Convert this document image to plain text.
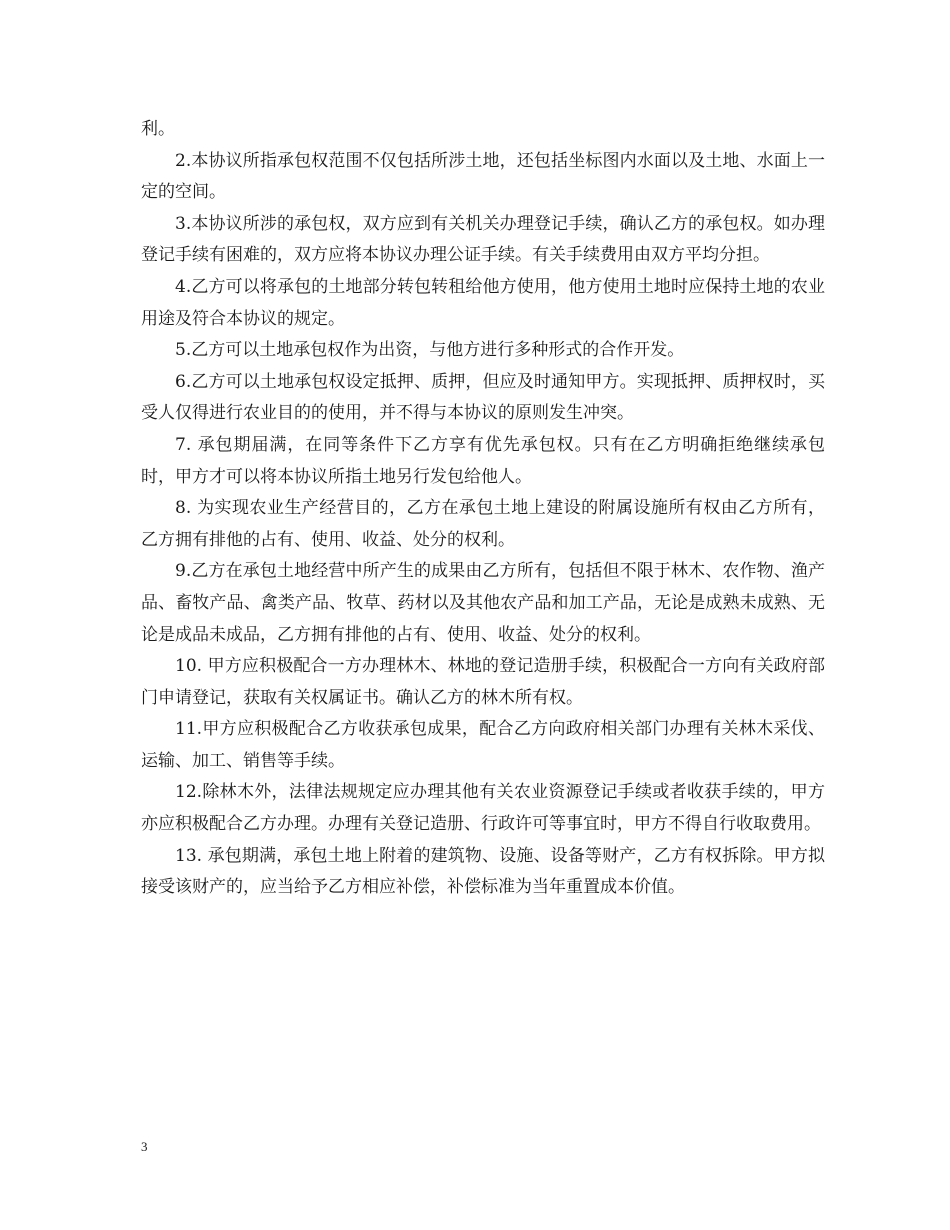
利。

2.本协议所指承包权范围不仅包括所涉土地，还包括坐标图内水面以及土地、水面上一定的空间。

3.本协议所涉的承包权，双方应到有关机关办理登记手续，确认乙方的承包权。如办理登记手续有困难的，双方应将本协议办理公证手续。有关手续费用由双方平均分担。

4.乙方可以将承包的土地部分转包转租给他方使用，他方使用土地时应保持土地的农业用途及符合本协议的规定。

5.乙方可以土地承包权作为出资，与他方进行多种形式的合作开发。

6.乙方可以土地承包权设定抵押、质押，但应及时通知甲方。实现抵押、质押权时，买受人仅得进行农业目的的使用，并不得与本协议的原则发生冲突。

7. 承包期届满，在同等条件下乙方享有优先承包权。只有在乙方明确拒绝继续承包时，甲方才可以将本协议所指土地另行发包给他人。

8. 为实现农业生产经营目的，乙方在承包土地上建设的附属设施所有权由乙方所有，乙方拥有排他的占有、使用、收益、处分的权利。

9.乙方在承包土地经营中所产生的成果由乙方所有，包括但不限于林木、农作物、渔产品、畜牧产品、禽类产品、牧草、药材以及其他农产品和加工产品，无论是成熟未成熟、无论是成品未成品，乙方拥有排他的占有、使用、收益、处分的权利。

10. 甲方应积极配合一方办理林木、林地的登记造册手续，积极配合一方向有关政府部门申请登记，获取有关权属证书。确认乙方的林木所有权。

11.甲方应积极配合乙方收获承包成果，配合乙方向政府相关部门办理有关林木采伐、运输、加工、销售等手续。

12.除林木外，法律法规规定应办理其他有关农业资源登记手续或者收获手续的，甲方亦应积极配合乙方办理。办理有关登记造册、行政许可等事宜时，甲方不得自行收取费用。

13. 承包期满，承包土地上附着的建筑物、设施、设备等财产，乙方有权拆除。甲方拟接受该财产的，应当给予乙方相应补偿，补偿标准为当年重置成本价值。

3
